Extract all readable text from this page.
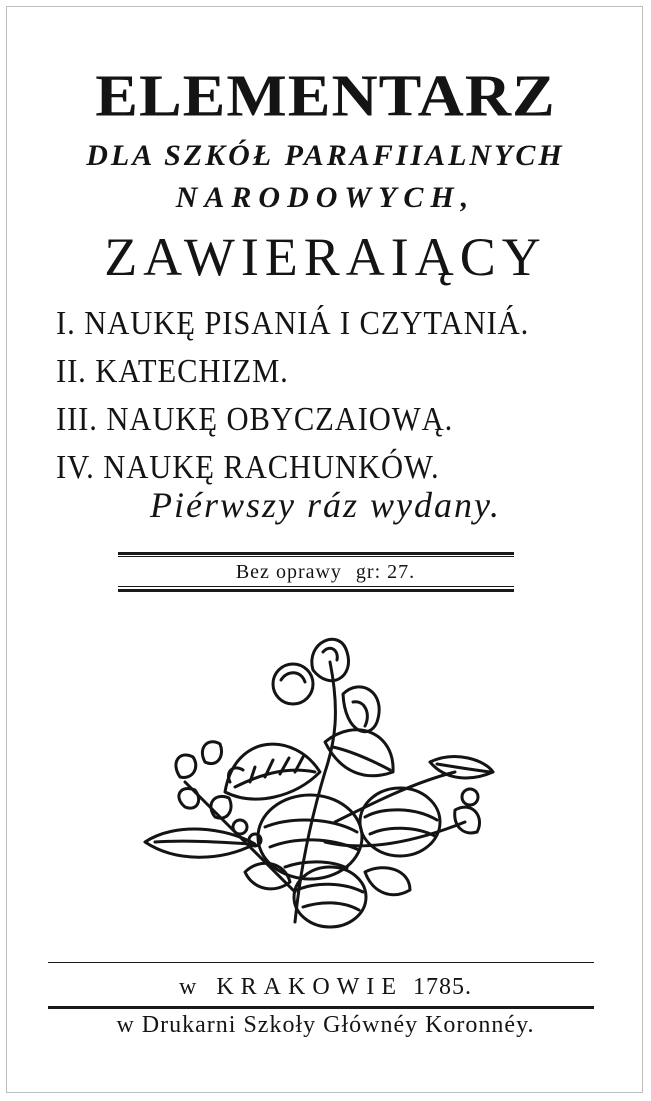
ELEMENTARZ

DLA SZKÓŁ PARAFIIALNYCH

NARODOWYCH,

ZAWIERAIĄCY

I. NAUKĘ PISANIÁ I CZYTANIÁ.
II. KATECHIZM.
III. NAUKĘ OBYCZAIOWĄ.
IV. NAUKĘ RACHUNKÓW.

Piérwszy ráz wydany.

Bez oprawy gr: 27.

w KRAKOWIE 1785.

w Drukarni Szkoły Głównéy Koronnéy.
